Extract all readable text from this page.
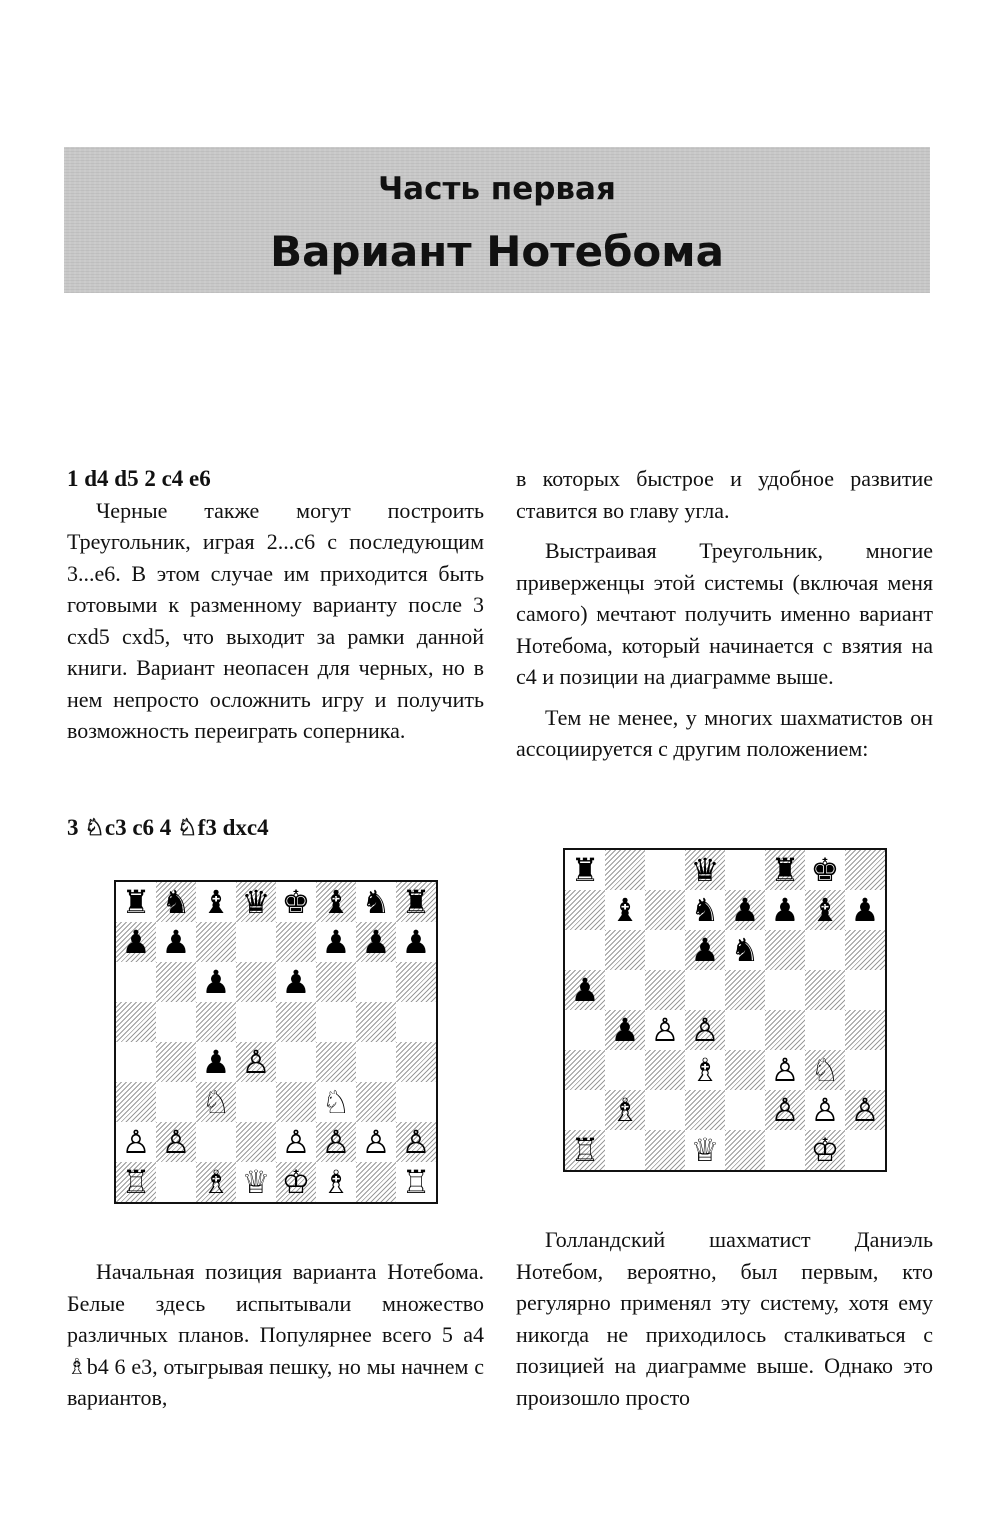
Часть первая
Вариант Нотебома

1 d4 d5 2 c4 e6

Черные также могут построить Треугольник, играя 2...c6 с последующим 3...e6. В этом случае им приходится быть готовыми к разменному варианту после 3 cxd5 cxd5, что выходит за рамки данной книги. Вариант неопасен для черных, но в нем непросто осложнить игру и получить возможность переиграть соперника.

3 ♘c3 c6 4 ♘f3 dxc4

♜ ♞ ♝ ♛ ♚ ♝ ♞ ♜
♟ ♟	♟ ♟ ♟
♟ ♟
♟ ♙
♘	♘
♙ ♙	♙ ♙ ♙ ♙
♖ ♗ ♕ ♔ ♗ ♖

Начальная позиция варианта Нотебома. Белые здесь испытывали множество различных планов. Популярнее всего 5 a4 ♗b4 6 e3, отыгрывая пешку, но мы начнем с вариантов,

в которых быстрое и удобное развитие ставится во главу угла.

Выстраивая Треугольник, многие приверженцы этой системы (включая меня самого) мечтают получить именно вариант Нотебома, который начинается с взятия на c4 и позиции на диаграмме выше.

Тем не менее, у многих шахматистов он ассоциируется с другим положением:

♜	♛ ♜ ♚
♝ ♞ ♟ ♟ ♝ ♟
♟ ♞
♟
♟ ♙ ♙
♗ ♙ ♘
♗	♙ ♙ ♙
♖	♕	♔

Голландский шахматист Даниэль Нотебом, вероятно, был первым, кто регулярно применял эту систему, хотя ему никогда не приходилось сталкиваться с позицией на диаграмме выше. Однако это произошло просто
